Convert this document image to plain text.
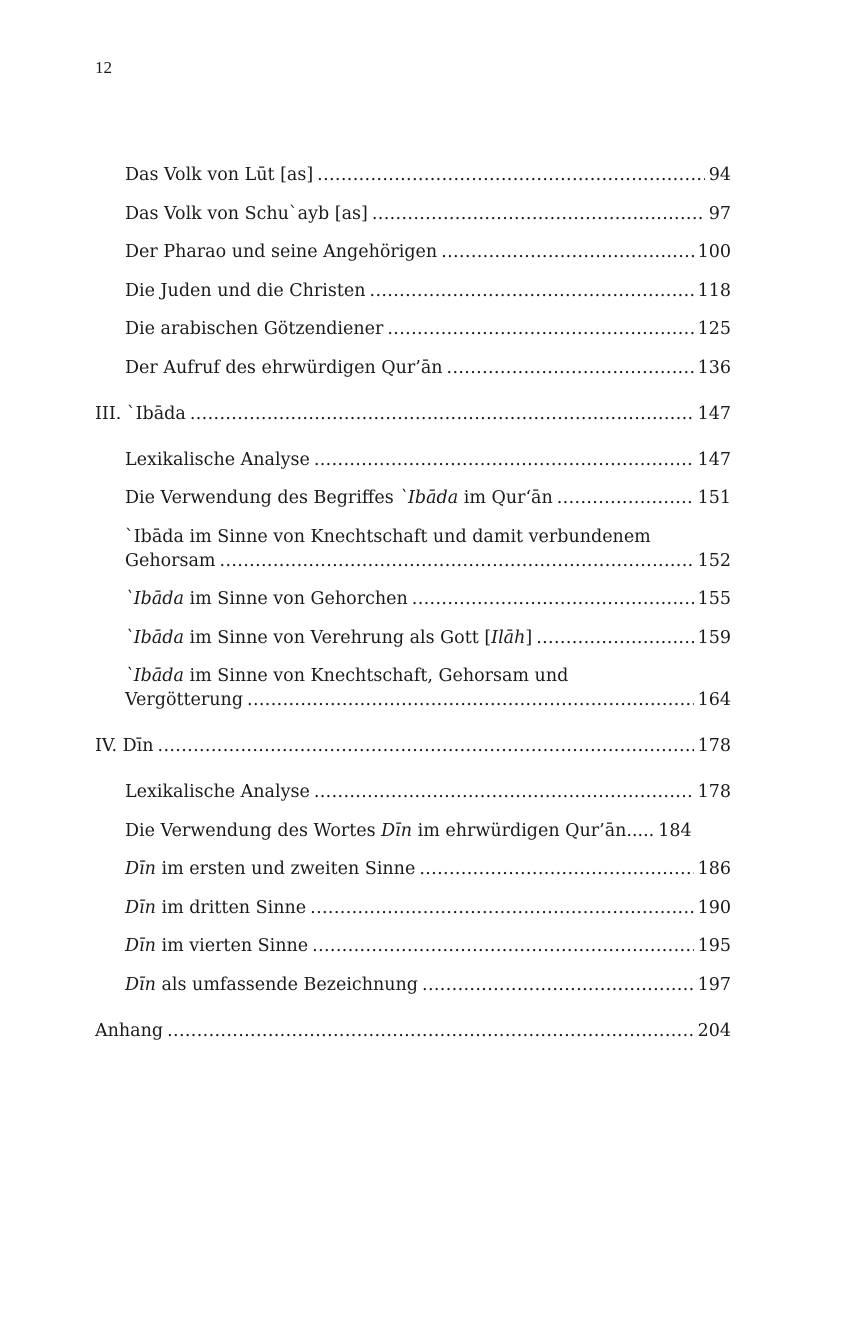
12
Das Volk von Lūt [as] . . .	94
Das Volk von Schu`ayb [as] . . .	97
Der Pharao und seine Angehörigen . . .	100
Die Juden und die Christen . . .	118
Die arabischen Götzendiener . . .	125
Der Aufruf des ehrwürdigen Qur’ān . . .	136
III. `Ibāda . . .	147
Lexikalische Analyse . . .	147
Die Verwendung des Begriffes `Ibāda im Qur‘ān . . .	151
`Ibāda im Sinne von Knechtschaft und damit verbundenem
Gehorsam . . .	152
`Ibāda im Sinne von Gehorchen . . .	155
`Ibāda im Sinne von Verehrung als Gott [Ilāh] . . .	159
`Ibāda im Sinne von Knechtschaft, Gehorsam und
Vergötterung . . .	164
IV. Dīn . . .	178
Lexikalische Analyse . . .	178
Die Verwendung des Wortes Dīn im ehrwürdigen Qur’ān..... 184
Dīn im ersten und zweiten Sinne . . .	186
Dīn im dritten Sinne . . .	190
Dīn im vierten Sinne . . .	195
Dīn als umfassende Bezeichnung . . .	197
Anhang . . .	204
